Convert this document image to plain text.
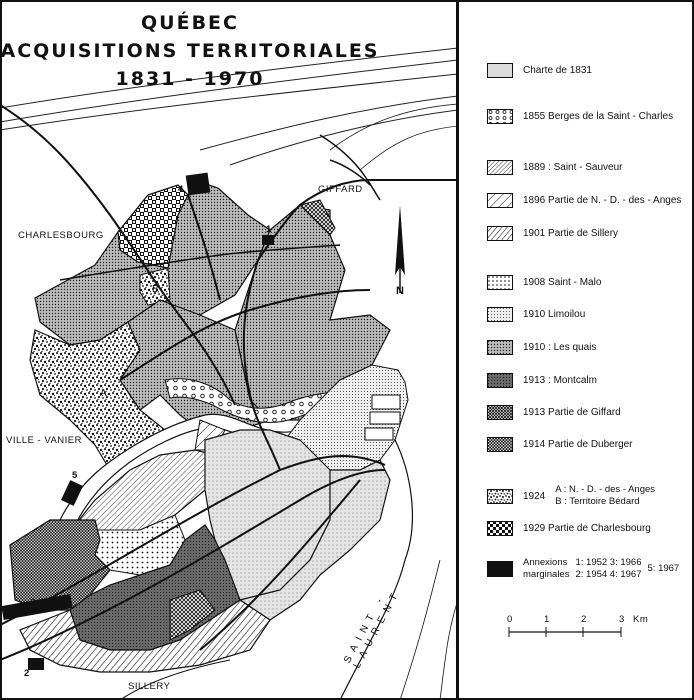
QUÉBEC
ACQUISITIONS TERRITORIALES
1831 - 1970
CHARLESBOURG
GIFFARD
VILLE - VANIER
SILLERY
N
A
B
4
1
3
5
2
SAINT - LAURENT
Charte de 1831
1855 Berges de la Saint - Charles
1889 : Saint - Sauveur
1896 Partie de N. - D. - des - Anges
1901 Partie de Sillery
1908 Saint - Malo
1910 Limoilou
1910 : Les quais
1913 : Montcalm
1913 Partie de Giffard
1914 Partie de Duberger
1924
A : N. - D. - des - Anges
B : Territoire Bédard
1929 Partie de Charlesbourg
Annexions
marginales
1: 1952 3: 1966
2: 1954 4: 1967
5: 1967
0	1	2	3 Km
